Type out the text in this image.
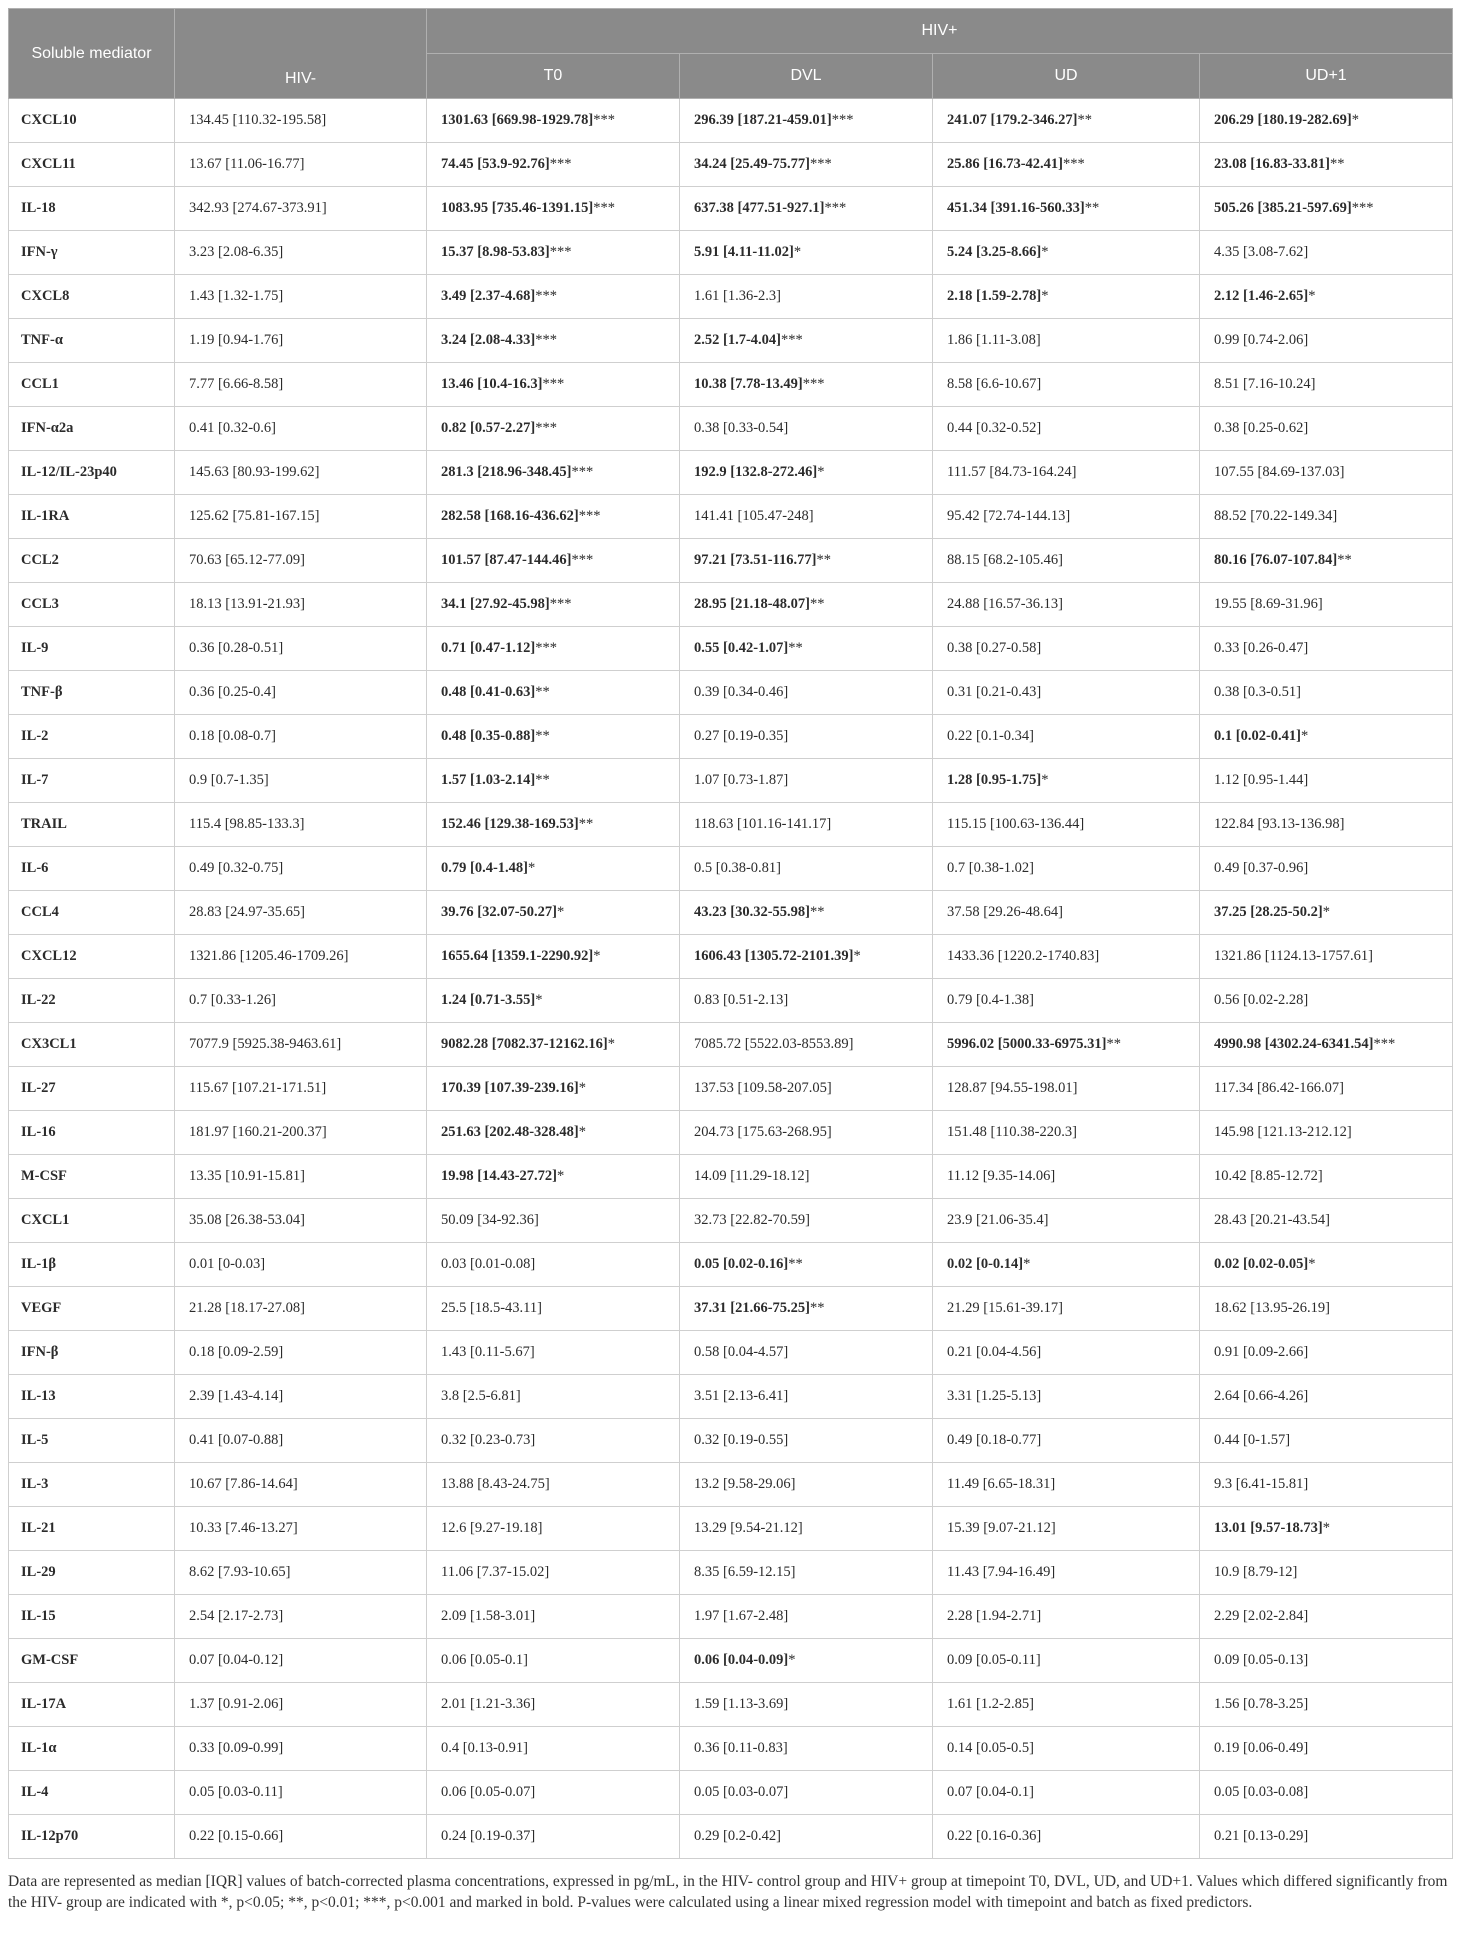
Soluble mediator	HIV-	HIV+			
		T0	DVL	UD	UD+1
CXCL10	134.45 [110.32-195.58]	1301.63 [669.98-1929.78]***	296.39 [187.21-459.01]***	241.07 [179.2-346.27]**	206.29 [180.19-282.69]*
CXCL11	13.67 [11.06-16.77]	74.45 [53.9-92.76]***	34.24 [25.49-75.77]***	25.86 [16.73-42.41]***	23.08 [16.83-33.81]**
IL-18	342.93 [274.67-373.91]	1083.95 [735.46-1391.15]***	637.38 [477.51-927.1]***	451.34 [391.16-560.33]**	505.26 [385.21-597.69]***
IFN-γ	3.23 [2.08-6.35]	15.37 [8.98-53.83]***	5.91 [4.11-11.02]*	5.24 [3.25-8.66]*	4.35 [3.08-7.62]
CXCL8	1.43 [1.32-1.75]	3.49 [2.37-4.68]***	1.61 [1.36-2.3]	2.18 [1.59-2.78]*	2.12 [1.46-2.65]*
TNF-α	1.19 [0.94-1.76]	3.24 [2.08-4.33]***	2.52 [1.7-4.04]***	1.86 [1.11-3.08]	0.99 [0.74-2.06]
CCL1	7.77 [6.66-8.58]	13.46 [10.4-16.3]***	10.38 [7.78-13.49]***	8.58 [6.6-10.67]	8.51 [7.16-10.24]
IFN-α2a	0.41 [0.32-0.6]	0.82 [0.57-2.27]***	0.38 [0.33-0.54]	0.44 [0.32-0.52]	0.38 [0.25-0.62]
IL-12/IL-23p40	145.63 [80.93-199.62]	281.3 [218.96-348.45]***	192.9 [132.8-272.46]*	111.57 [84.73-164.24]	107.55 [84.69-137.03]
IL-1RA	125.62 [75.81-167.15]	282.58 [168.16-436.62]***	141.41 [105.47-248]	95.42 [72.74-144.13]	88.52 [70.22-149.34]
CCL2	70.63 [65.12-77.09]	101.57 [87.47-144.46]***	97.21 [73.51-116.77]**	88.15 [68.2-105.46]	80.16 [76.07-107.84]**
CCL3	18.13 [13.91-21.93]	34.1 [27.92-45.98]***	28.95 [21.18-48.07]**	24.88 [16.57-36.13]	19.55 [8.69-31.96]
IL-9	0.36 [0.28-0.51]	0.71 [0.47-1.12]***	0.55 [0.42-1.07]**	0.38 [0.27-0.58]	0.33 [0.26-0.47]
TNF-β	0.36 [0.25-0.4]	0.48 [0.41-0.63]**	0.39 [0.34-0.46]	0.31 [0.21-0.43]	0.38 [0.3-0.51]
IL-2	0.18 [0.08-0.7]	0.48 [0.35-0.88]**	0.27 [0.19-0.35]	0.22 [0.1-0.34]	0.1 [0.02-0.41]*
IL-7	0.9 [0.7-1.35]	1.57 [1.03-2.14]**	1.07 [0.73-1.87]	1.28 [0.95-1.75]*	1.12 [0.95-1.44]
TRAIL	115.4 [98.85-133.3]	152.46 [129.38-169.53]**	118.63 [101.16-141.17]	115.15 [100.63-136.44]	122.84 [93.13-136.98]
IL-6	0.49 [0.32-0.75]	0.79 [0.4-1.48]*	0.5 [0.38-0.81]	0.7 [0.38-1.02]	0.49 [0.37-0.96]
CCL4	28.83 [24.97-35.65]	39.76 [32.07-50.27]*	43.23 [30.32-55.98]**	37.58 [29.26-48.64]	37.25 [28.25-50.2]*
CXCL12	1321.86 [1205.46-1709.26]	1655.64 [1359.1-2290.92]*	1606.43 [1305.72-2101.39]*	1433.36 [1220.2-1740.83]	1321.86 [1124.13-1757.61]
IL-22	0.7 [0.33-1.26]	1.24 [0.71-3.55]*	0.83 [0.51-2.13]	0.79 [0.4-1.38]	0.56 [0.02-2.28]
CX3CL1	7077.9 [5925.38-9463.61]	9082.28 [7082.37-12162.16]*	7085.72 [5522.03-8553.89]	5996.02 [5000.33-6975.31]**	4990.98 [4302.24-6341.54]***
IL-27	115.67 [107.21-171.51]	170.39 [107.39-239.16]*	137.53 [109.58-207.05]	128.87 [94.55-198.01]	117.34 [86.42-166.07]
IL-16	181.97 [160.21-200.37]	251.63 [202.48-328.48]*	204.73 [175.63-268.95]	151.48 [110.38-220.3]	145.98 [121.13-212.12]
M-CSF	13.35 [10.91-15.81]	19.98 [14.43-27.72]*	14.09 [11.29-18.12]	11.12 [9.35-14.06]	10.42 [8.85-12.72]
CXCL1	35.08 [26.38-53.04]	50.09 [34-92.36]	32.73 [22.82-70.59]	23.9 [21.06-35.4]	28.43 [20.21-43.54]
IL-1β	0.01 [0-0.03]	0.03 [0.01-0.08]	0.05 [0.02-0.16]**	0.02 [0-0.14]*	0.02 [0.02-0.05]*
VEGF	21.28 [18.17-27.08]	25.5 [18.5-43.11]	37.31 [21.66-75.25]**	21.29 [15.61-39.17]	18.62 [13.95-26.19]
IFN-β	0.18 [0.09-2.59]	1.43 [0.11-5.67]	0.58 [0.04-4.57]	0.21 [0.04-4.56]	0.91 [0.09-2.66]
IL-13	2.39 [1.43-4.14]	3.8 [2.5-6.81]	3.51 [2.13-6.41]	3.31 [1.25-5.13]	2.64 [0.66-4.26]
IL-5	0.41 [0.07-0.88]	0.32 [0.23-0.73]	0.32 [0.19-0.55]	0.49 [0.18-0.77]	0.44 [0-1.57]
IL-3	10.67 [7.86-14.64]	13.88 [8.43-24.75]	13.2 [9.58-29.06]	11.49 [6.65-18.31]	9.3 [6.41-15.81]
IL-21	10.33 [7.46-13.27]	12.6 [9.27-19.18]	13.29 [9.54-21.12]	15.39 [9.07-21.12]	13.01 [9.57-18.73]*
IL-29	8.62 [7.93-10.65]	11.06 [7.37-15.02]	8.35 [6.59-12.15]	11.43 [7.94-16.49]	10.9 [8.79-12]
IL-15	2.54 [2.17-2.73]	2.09 [1.58-3.01]	1.97 [1.67-2.48]	2.28 [1.94-2.71]	2.29 [2.02-2.84]
GM-CSF	0.07 [0.04-0.12]	0.06 [0.05-0.1]	0.06 [0.04-0.09]*	0.09 [0.05-0.11]	0.09 [0.05-0.13]
IL-17A	1.37 [0.91-2.06]	2.01 [1.21-3.36]	1.59 [1.13-3.69]	1.61 [1.2-2.85]	1.56 [0.78-3.25]
IL-1α	0.33 [0.09-0.99]	0.4 [0.13-0.91]	0.36 [0.11-0.83]	0.14 [0.05-0.5]	0.19 [0.06-0.49]
IL-4	0.05 [0.03-0.11]	0.06 [0.05-0.07]	0.05 [0.03-0.07]	0.07 [0.04-0.1]	0.05 [0.03-0.08]
IL-12p70	0.22 [0.15-0.66]	0.24 [0.19-0.37]	0.29 [0.2-0.42]	0.22 [0.16-0.36]	0.21 [0.13-0.29]
Data are represented as median [IQR] values of batch-corrected plasma concentrations, expressed in pg/mL, in the HIV- control group and HIV+ group at timepoint T0, DVL, UD, and UD+1. Values which differed significantly from the HIV- group are indicated with *, p<0.05; **, p<0.01; ***, p<0.001 and marked in bold. P-values were calculated using a linear mixed regression model with timepoint and batch as fixed predictors.
